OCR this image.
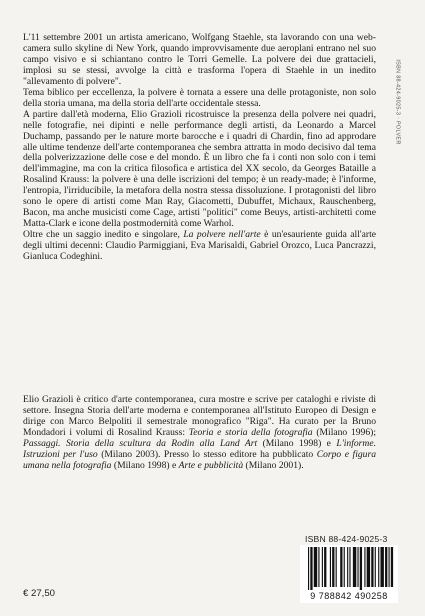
L'11 settembre 2001 un artista americano, Wolfgang Staehle, sta lavorando con una web-camera sullo skyline di New York, quando improvvisamente due aeroplani entrano nel suo campo visivo e si schiantano contro le Torri Gemelle. La polvere dei due grattacieli, implosi su se stessi, avvolge la città e trasforma l'opera di Staehle in un inedito "allevamento di polvere".

Tema biblico per eccellenza, la polvere è tornata a essere una delle protagoniste, non solo della storia umana, ma della storia dell'arte occidentale stessa.

A partire dall'età moderna, Elio Grazioli ricostruisce la presenza della polvere nei quadri, nelle fotografie, nei dipinti e nelle performance degli artisti, da Leonardo a Marcel Duchamp, passando per le nature morte barocche e i quadri di Chardin, fino ad approdare alle ultime tendenze dell'arte contemporanea che sembra attratta in modo decisivo dal tema della polverizzazione delle cose e del mondo. È un libro che fa i conti non solo con i temi dell'immagine, ma con la critica filosofica e artistica del XX secolo, da Georges Bataille a Rosalind Krauss: la polvere è una delle iscrizioni del tempo; è un ready-made; è l'informe, l'entropia, l'irriducibile, la metafora della nostra stessa dissoluzione. I protagonisti del libro sono le opere di artisti come Man Ray, Giacometti, Dubuffet, Michaux, Rauschenberg, Bacon, ma anche musicisti come Cage, artisti "politici" come Beuys, artisti-architetti come Matta-Clark e icone della postmodernità come Warhol.

Oltre che un saggio inedito e singolare, La polvere nell'arte è un'esauriente guida all'arte degli ultimi decenni: Claudio Parmiggiani, Eva Marisaldi, Gabriel Orozco, Luca Pancrazzi, Gianluca Codeghini.

Elio Grazioli è critico d'arte contemporanea, cura mostre e scrive per cataloghi e riviste di settore. Insegna Storia dell'arte moderna e contemporanea all'Istituto Europeo di Design e dirige con Marco Belpoliti il semestrale monografico "Riga". Ha curato per la Bruno Mondadori i volumi di Rosalind Krauss: Teoria e storia della fotografia (Milano 1996); Passaggi. Storia della scultura da Rodin alla Land Art (Milano 1998) e L'informe. Istruzioni per l'uso (Milano 2003). Presso lo stesso editore ha pubblicato Corpo e figura umana nella fotografia (Milano 1998) e Arte e pubblicità (Milano 2001).

ISBN 88-424-9025-3 · POLVER
ISBN 88-424-9025-3
9 788842 490258
€ 27,50
